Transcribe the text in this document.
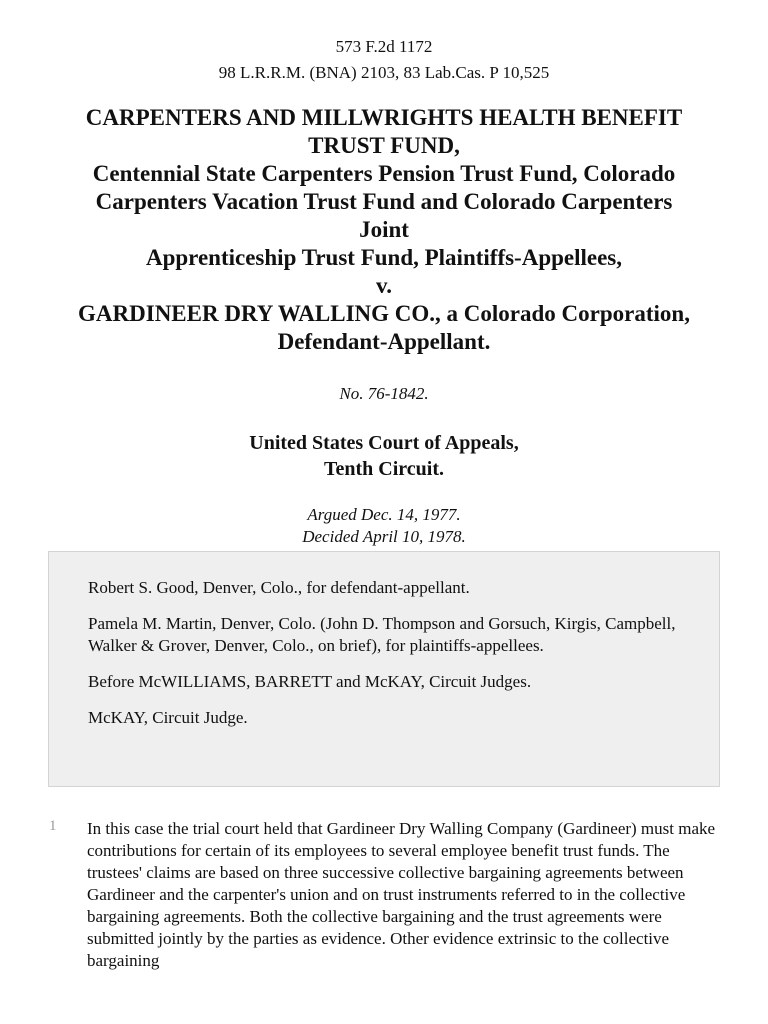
573 F.2d 1172
98 L.R.R.M. (BNA) 2103, 83 Lab.Cas. P 10,525
CARPENTERS AND MILLWRIGHTS HEALTH BENEFIT
TRUST FUND,
Centennial State Carpenters Pension Trust Fund, Colorado
Carpenters Vacation Trust Fund and Colorado Carpenters
Joint
Apprenticeship Trust Fund, Plaintiffs-Appellees,
v.
GARDINEER DRY WALLING CO., a Colorado Corporation,
Defendant-Appellant.
No. 76-1842.
United States Court of Appeals,
Tenth Circuit.
Argued Dec. 14, 1977.
Decided April 10, 1978.

Robert S. Good, Denver, Colo., for defendant-appellant.

Pamela M. Martin, Denver, Colo. (John D. Thompson and Gorsuch, Kirgis, Campbell, Walker & Grover, Denver, Colo., on brief), for plaintiffs-appellees.

Before McWILLIAMS, BARRETT and McKAY, Circuit Judges.

McKAY, Circuit Judge.

1 In this case the trial court held that Gardineer Dry Walling Company (Gardineer) must make contributions for certain of its employees to several employee benefit trust funds. The trustees' claims are based on three successive collective bargaining agreements between Gardineer and the carpenter's union and on trust instruments referred to in the collective bargaining agreements. Both the collective bargaining and the trust agreements were submitted jointly by the parties as evidence. Other evidence extrinsic to the collective bargaining
